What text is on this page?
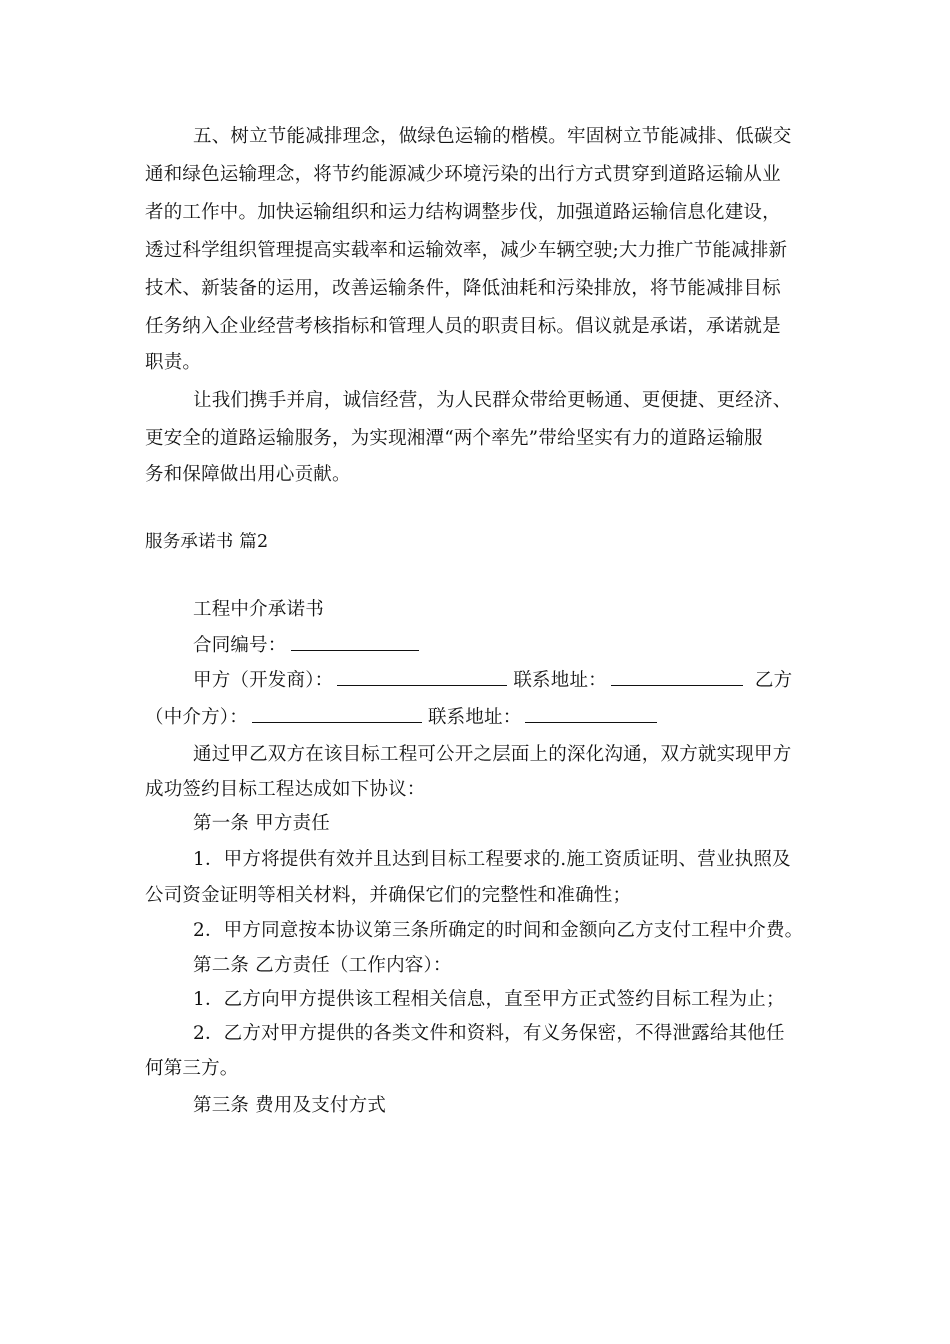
五、树立节能减排理念，做绿色运输的楷模。牢固树立节能减排、低碳交
通和绿色运输理念，将节约能源减少环境污染的出行方式贯穿到道路运输从业
者的工作中。加快运输组织和运力结构调整步伐，加强道路运输信息化建设，
透过科学组织管理提高实载率和运输效率，减少车辆空驶;大力推广节能减排新
技术、新装备的运用，改善运输条件，降低油耗和污染排放，将节能减排目标
任务纳入企业经营考核指标和管理人员的职责目标。倡议就是承诺，承诺就是
职责。
让我们携手并肩，诚信经营，为人民群众带给更畅通、更便捷、更经济、
更安全的道路运输服务，为实现湘潭“两个率先”带给坚实有力的道路运输服
务和保障做出用心贡献。
服务承诺书 篇2
工程中介承诺书
合同编号：
甲方（开发商）：	联系地址：	乙方
（中介方）：	联系地址：
通过甲乙双方在该目标工程可公开之层面上的深化沟通，双方就实现甲方
成功签约目标工程达成如下协议：
第一条 甲方责任
1．甲方将提供有效并且达到目标工程要求的.施工资质证明、营业执照及
公司资金证明等相关材料，并确保它们的完整性和准确性；
2．甲方同意按本协议第三条所确定的时间和金额向乙方支付工程中介费。
第二条 乙方责任（工作内容）：
1．乙方向甲方提供该工程相关信息，直至甲方正式签约目标工程为止；
2．乙方对甲方提供的各类文件和资料，有义务保密，不得泄露给其他任
何第三方。
第三条 费用及支付方式
